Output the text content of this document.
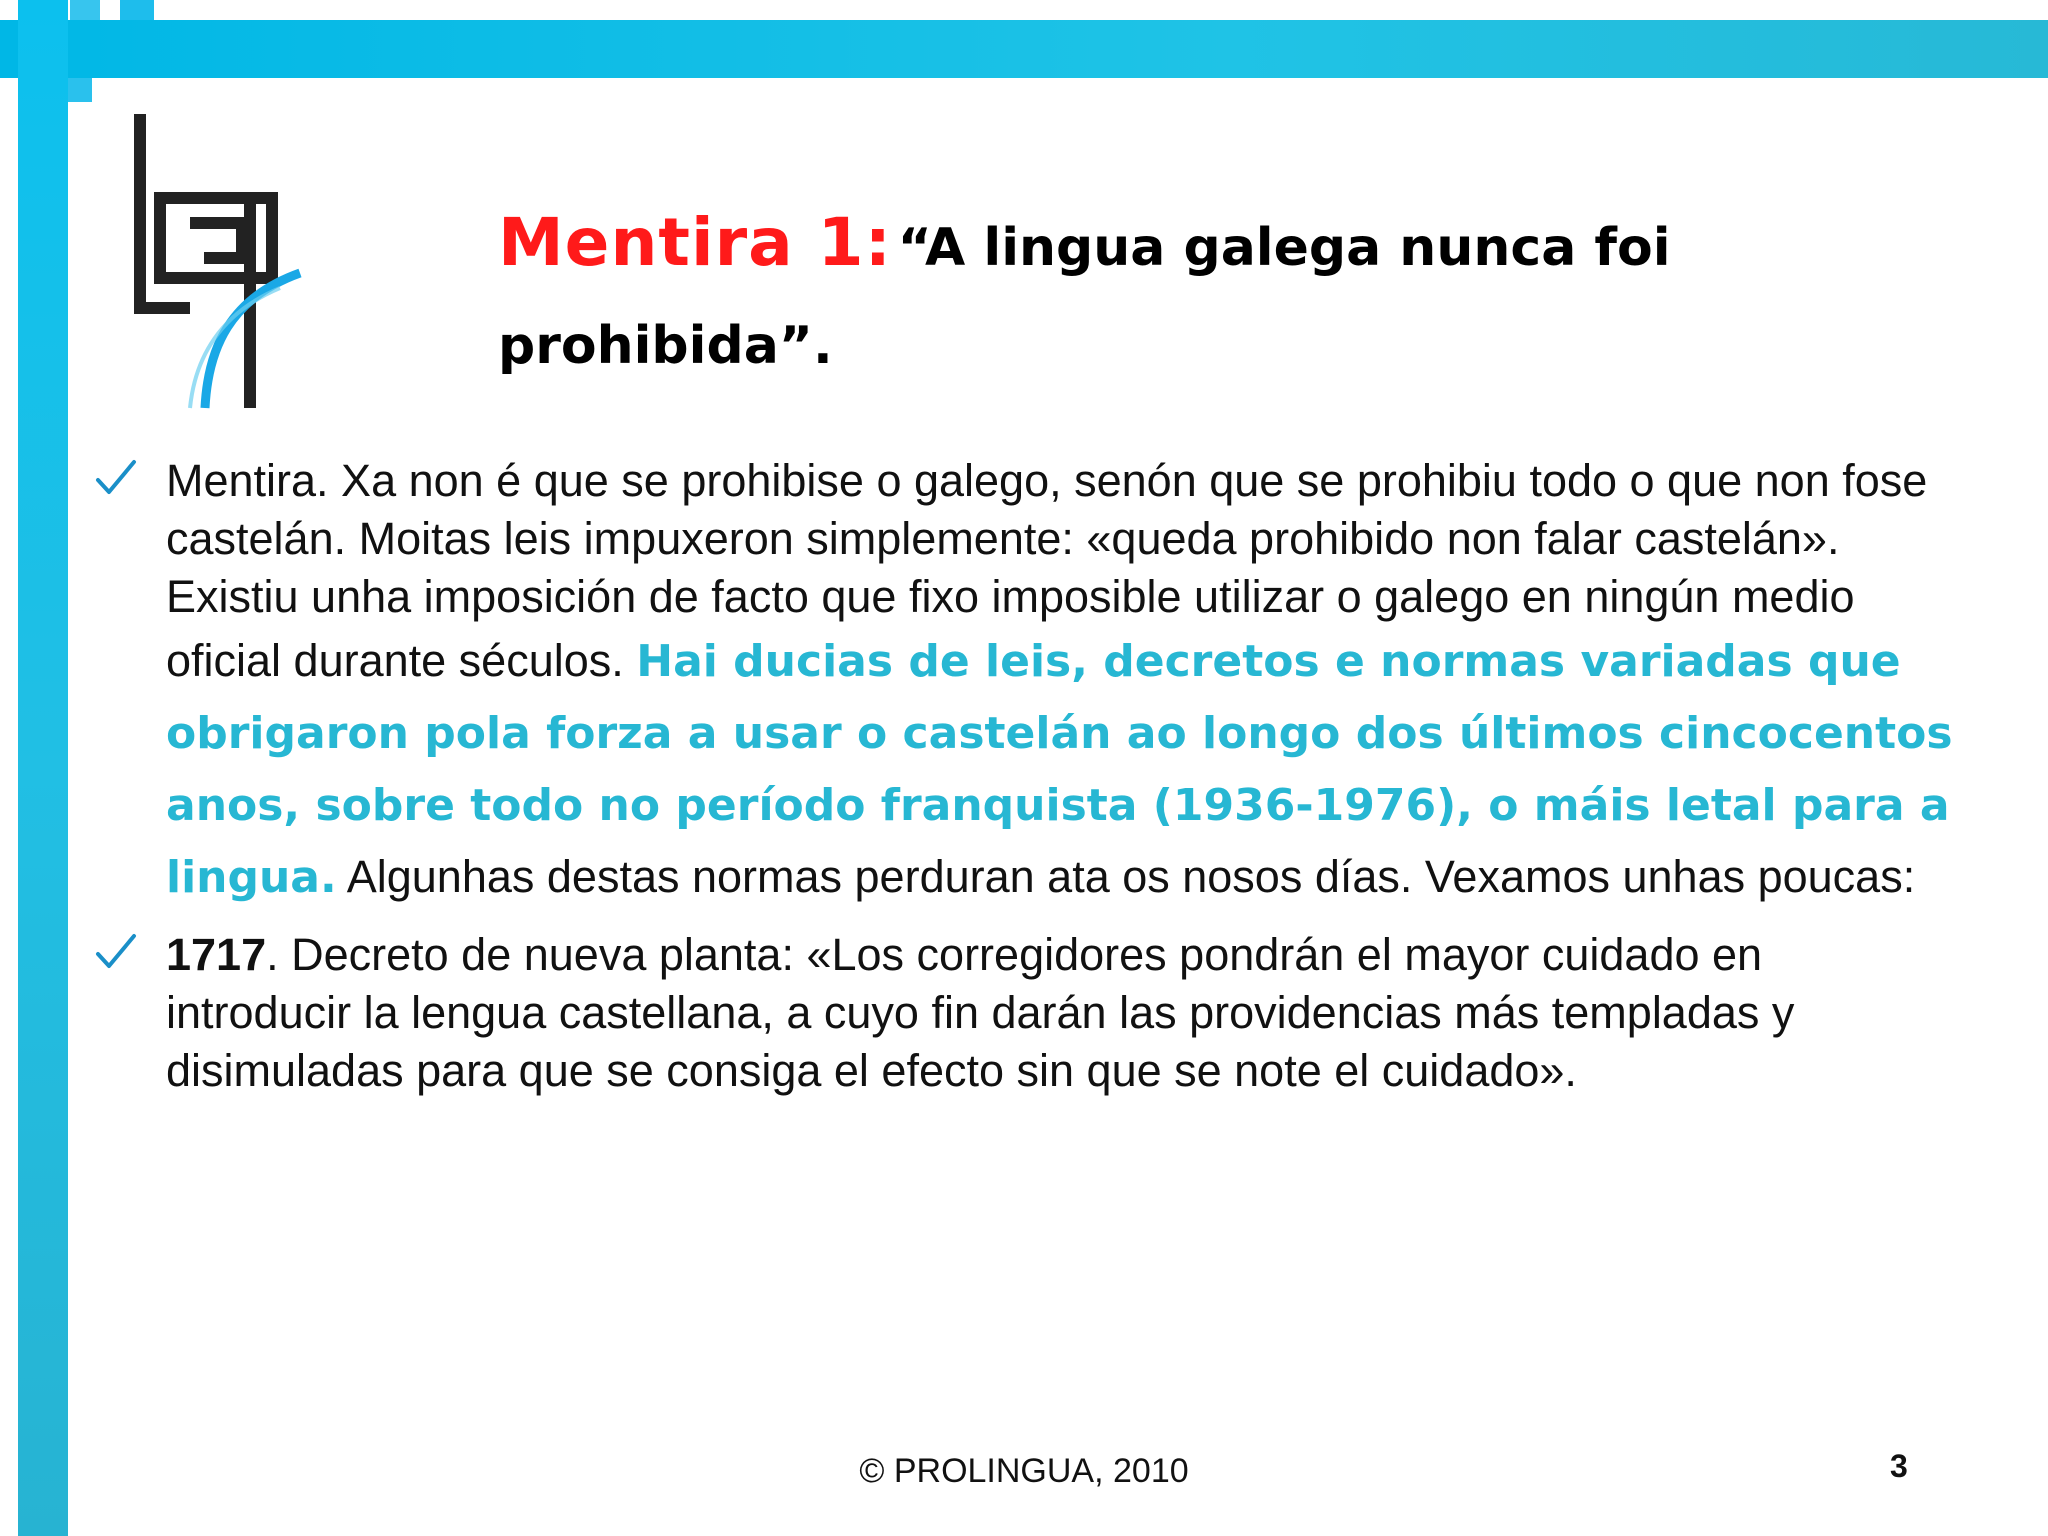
Mentira 1: “A lingua galega nunca foi prohibida”.
Mentira. Xa non é que se prohibise o galego, senón que se prohibiu todo o que non fose castelán. Moitas leis impuxeron simplemente: «queda prohibido non falar castelán». Existiu unha imposición de facto que fixo imposible utilizar o galego en ningún medio oficial durante séculos. Hai ducias de leis, decretos e normas variadas que obrigaron pola forza a usar o castelán ao longo dos últimos cincocentos anos, sobre todo no período franquista (1936-1976), o máis letal para a lingua. Algunhas destas normas perduran ata os nosos días. Vexamos unhas poucas:
1717. Decreto de nueva planta: «Los corregidores pondrán el mayor cuidado en introducir la lengua castellana, a cuyo fin darán las providencias más templadas y disimuladas para que se consiga el efecto sin que se note el cuidado».
© PROLINGUA, 2010	3
